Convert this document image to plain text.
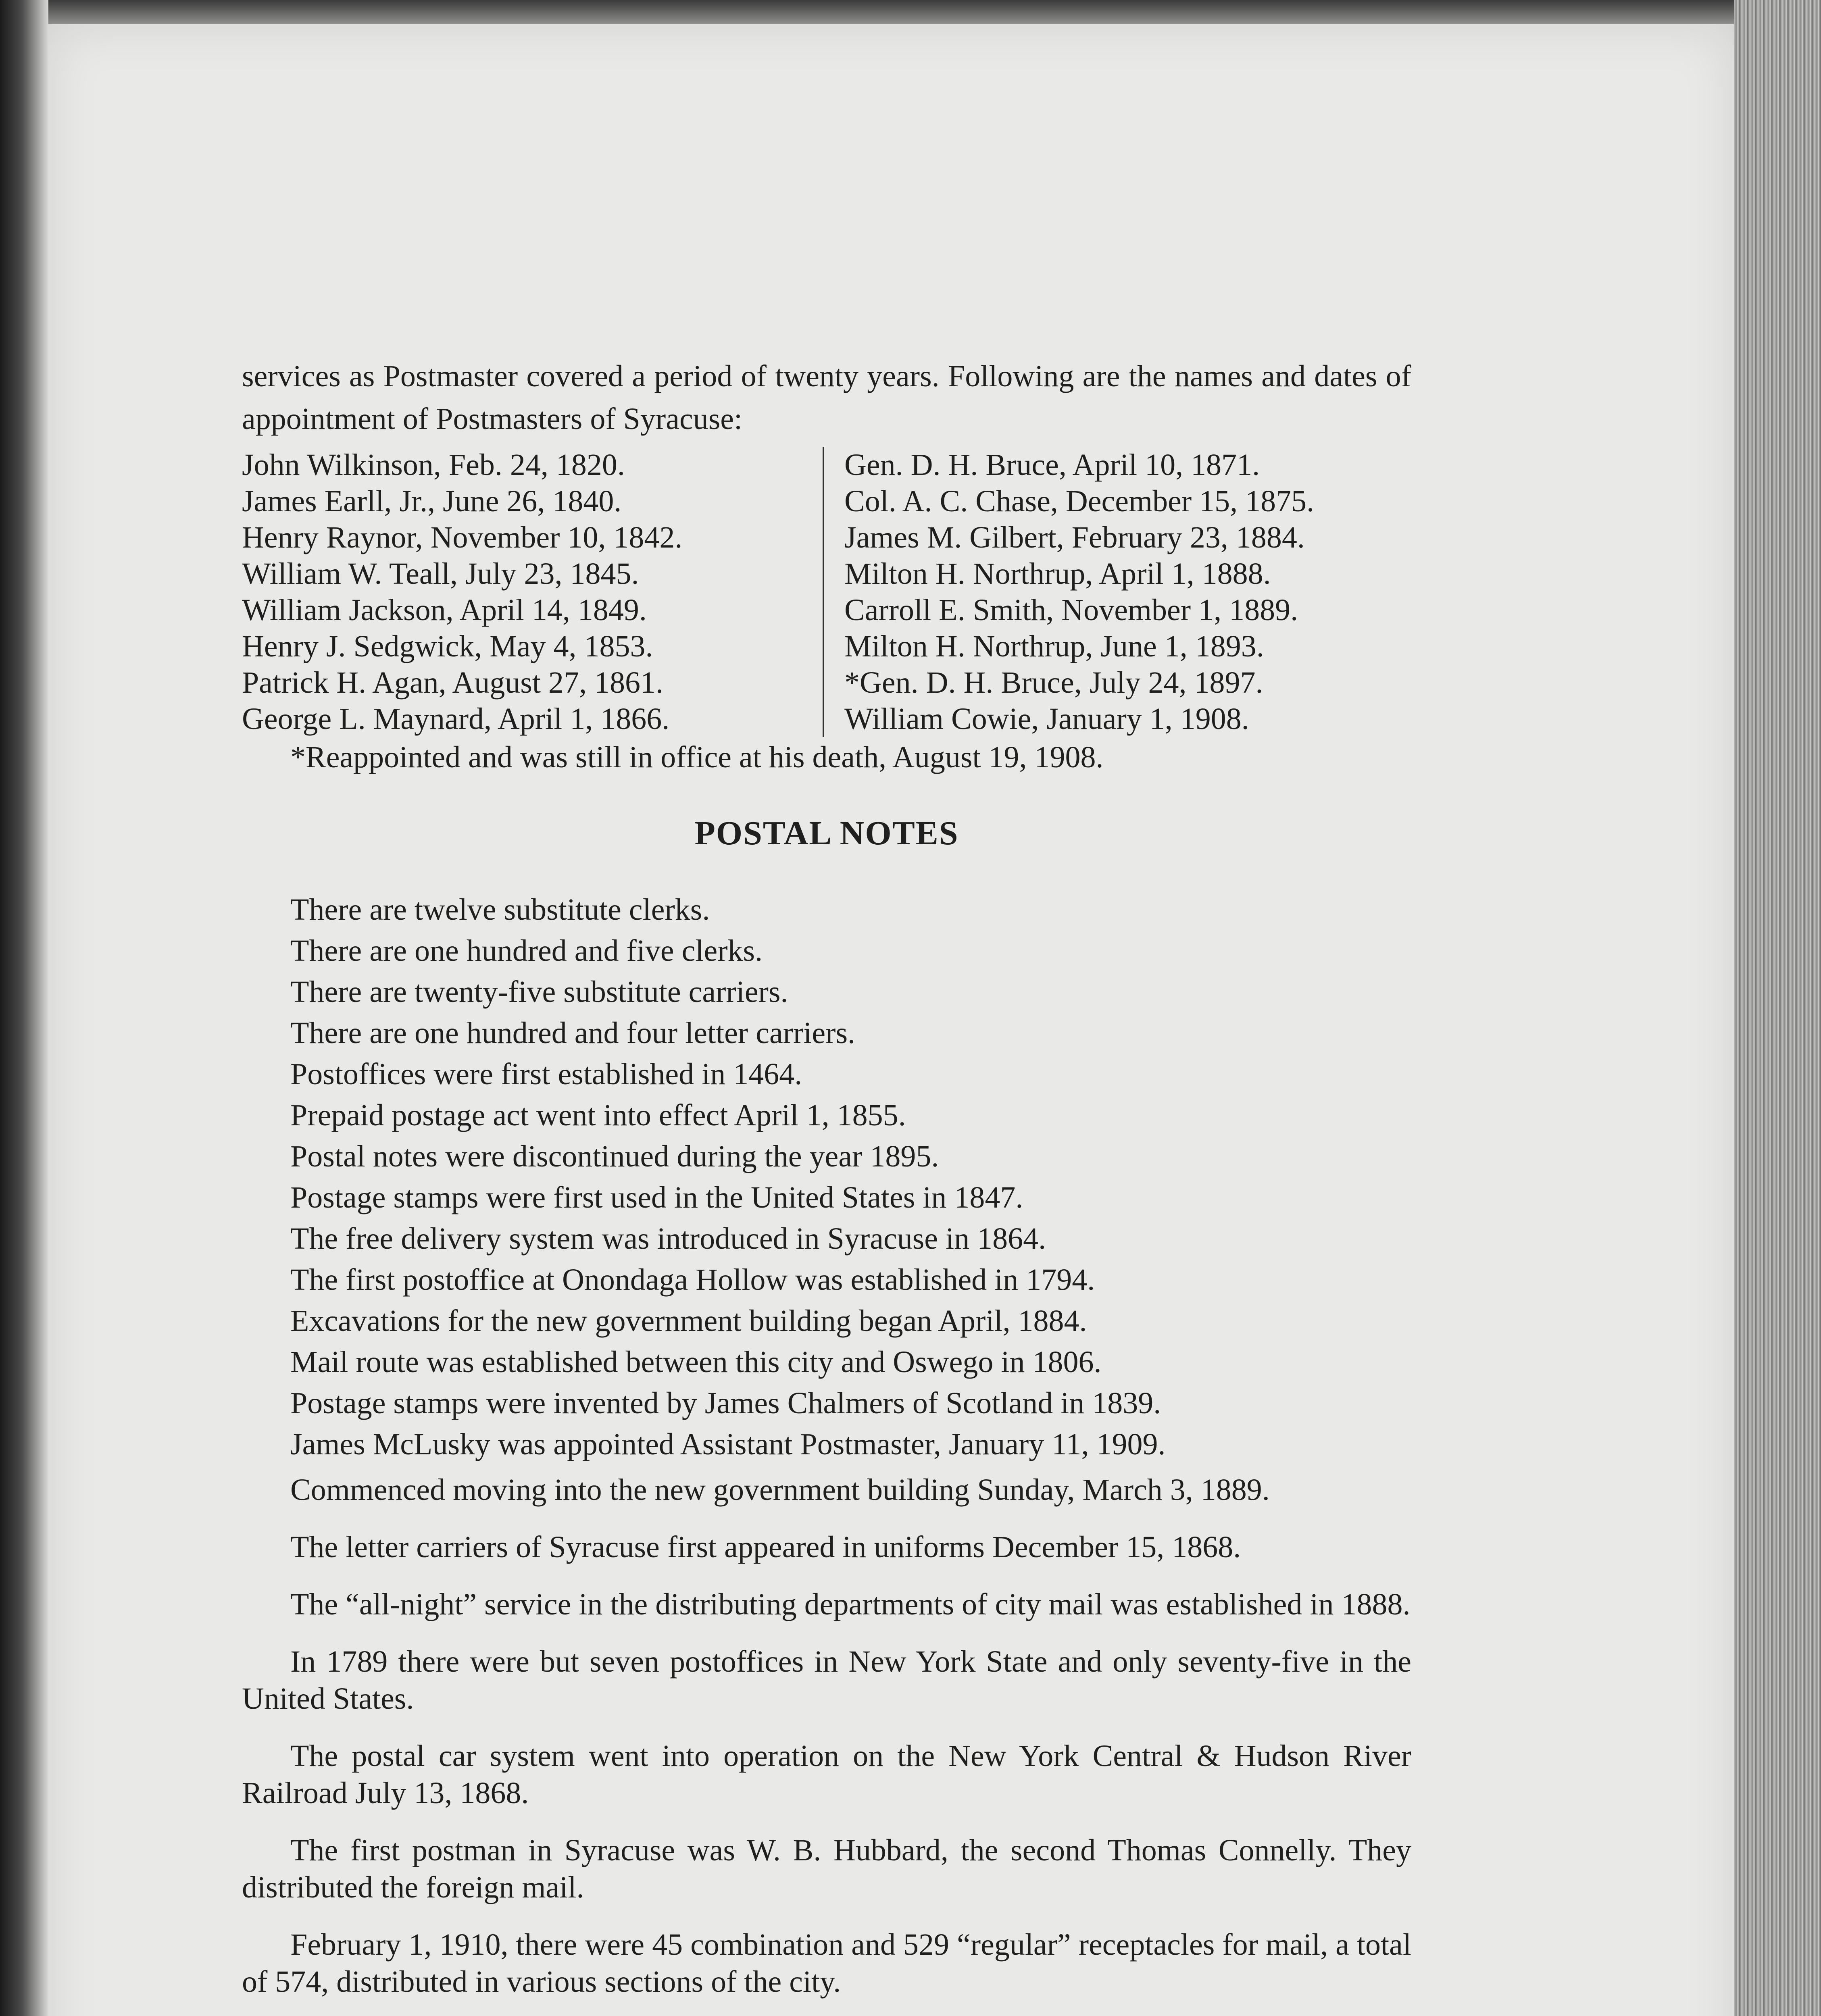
services as Postmaster covered a period of twenty years. Following are the names and dates of appointment of Postmasters of Syracuse:

John Wilkinson, Feb. 24, 1820.
James Earll, Jr., June 26, 1840.
Henry Raynor, November 10, 1842.
William W. Teall, July 23, 1845.
William Jackson, April 14, 1849.
Henry J. Sedgwick, May 4, 1853.
Patrick H. Agan, August 27, 1861.
George L. Maynard, April 1, 1866.
Gen. D. H. Bruce, April 10, 1871.
Col. A. C. Chase, December 15, 1875.
James M. Gilbert, February 23, 1884.
Milton H. Northrup, April 1, 1888.
Carroll E. Smith, November 1, 1889.
Milton H. Northrup, June 1, 1893.
*Gen. D. H. Bruce, July 24, 1897.
William Cowie, January 1, 1908.
*Reappointed and was still in office at his death, August 19, 1908.
POSTAL NOTES
There are twelve substitute clerks.
There are one hundred and five clerks.
There are twenty-five substitute carriers.
There are one hundred and four letter carriers.
Postoffices were first established in 1464.
Prepaid postage act went into effect April 1, 1855.
Postal notes were discontinued during the year 1895.
Postage stamps were first used in the United States in 1847.
The free delivery system was introduced in Syracuse in 1864.
The first postoffice at Onondaga Hollow was established in 1794.
Excavations for the new government building began April, 1884.
Mail route was established between this city and Oswego in 1806.
Postage stamps were invented by James Chalmers of Scotland in 1839.
James McLusky was appointed Assistant Postmaster, January 11, 1909.

Commenced moving into the new government building Sunday, March 3, 1889.

The letter carriers of Syracuse first appeared in uniforms December 15, 1868.

The “all-night” service in the distributing departments of city mail was established in 1888.

In 1789 there were but seven postoffices in New York State and only seventy-five in the United States.

The postal car system went into operation on the New York Central & Hudson River Railroad July 13, 1868.

The first postman in Syracuse was W. B. Hubbard, the second Thomas Connelly. They distributed the foreign mail.

February 1, 1910, there were 45 combination and 529 “regular” receptacles for mail, a total of 574, distributed in various sections of the city.
